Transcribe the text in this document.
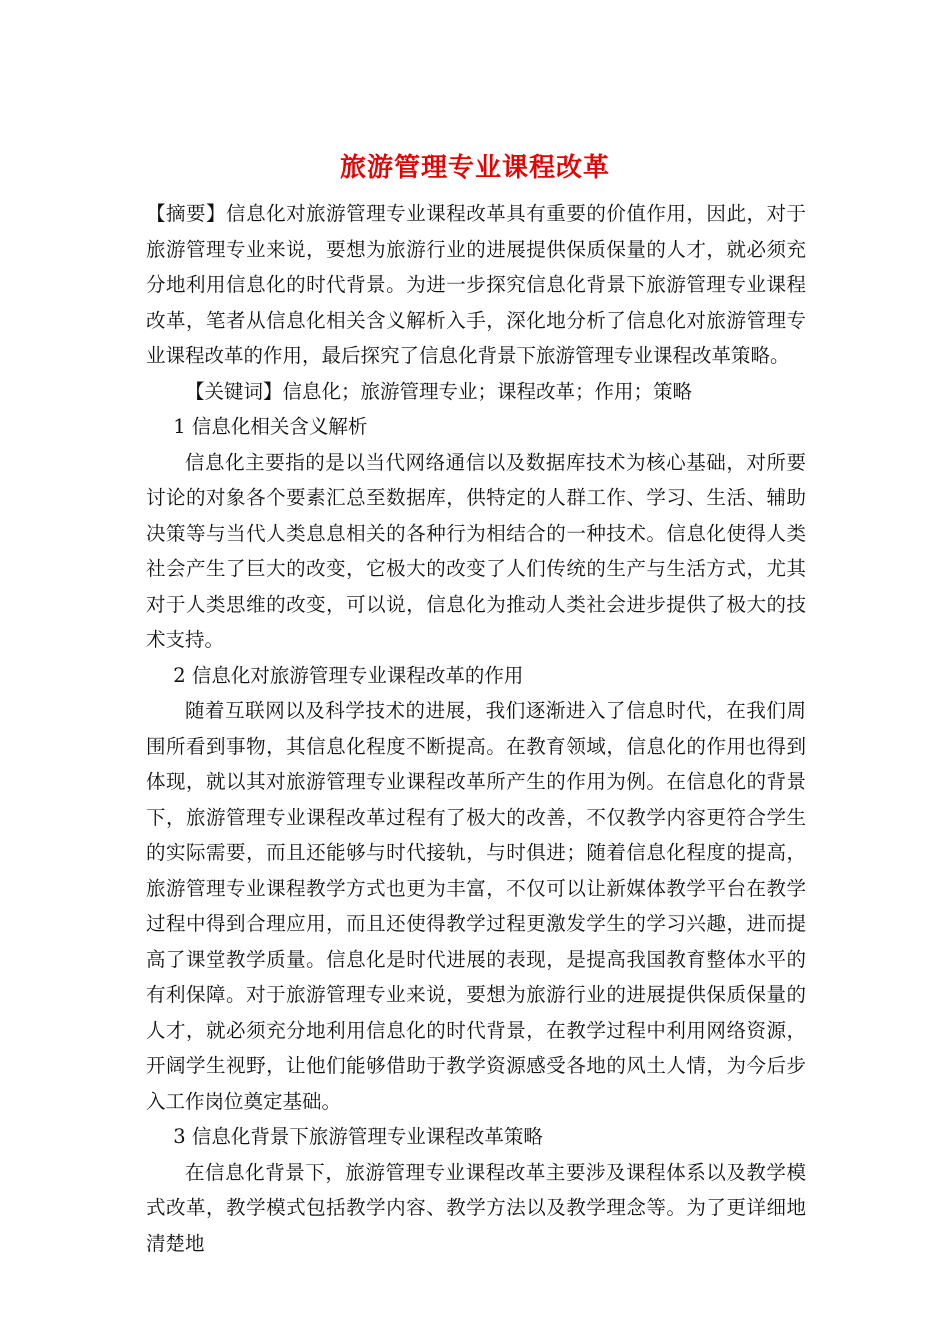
旅游管理专业课程改革

【摘要】信息化对旅游管理专业课程改革具有重要的价值作用，因此，对于旅游管理专业来说，要想为旅游行业的进展提供保质保量的人才，就必须充分地利用信息化的时代背景。为进一步探究信息化背景下旅游管理专业课程改革，笔者从信息化相关含义解析入手，深化地分析了信息化对旅游管理专业课程改革的作用，最后探究了信息化背景下旅游管理专业课程改革策略。

【关键词】信息化；旅游管理专业；课程改革；作用；策略

1 信息化相关含义解析

信息化主要指的是以当代网络通信以及数据库技术为核心基础，对所要讨论的对象各个要素汇总至数据库，供特定的人群工作、学习、生活、辅助决策等与当代人类息息相关的各种行为相结合的一种技术。信息化使得人类社会产生了巨大的改变，它极大的改变了人们传统的生产与生活方式，尤其对于人类思维的改变，可以说，信息化为推动人类社会进步提供了极大的技术支持。

2 信息化对旅游管理专业课程改革的作用

随着互联网以及科学技术的进展，我们逐渐进入了信息时代，在我们周围所看到事物，其信息化程度不断提高。在教育领域，信息化的作用也得到体现，就以其对旅游管理专业课程改革所产生的作用为例。在信息化的背景下，旅游管理专业课程改革过程有了极大的改善，不仅教学内容更符合学生的实际需要，而且还能够与时代接轨，与时俱进；随着信息化程度的提高，旅游管理专业课程教学方式也更为丰富，不仅可以让新媒体教学平台在教学过程中得到合理应用，而且还使得教学过程更激发学生的学习兴趣，进而提高了课堂教学质量。信息化是时代进展的表现，是提高我国教育整体水平的有利保障。对于旅游管理专业来说，要想为旅游行业的进展提供保质保量的人才，就必须充分地利用信息化的时代背景，在教学过程中利用网络资源，开阔学生视野，让他们能够借助于教学资源感受各地的风土人情，为今后步入工作岗位奠定基础。

3 信息化背景下旅游管理专业课程改革策略

在信息化背景下，旅游管理专业课程改革主要涉及课程体系以及教学模式改革，教学模式包括教学内容、教学方法以及教学理念等。为了更详细地清楚地
